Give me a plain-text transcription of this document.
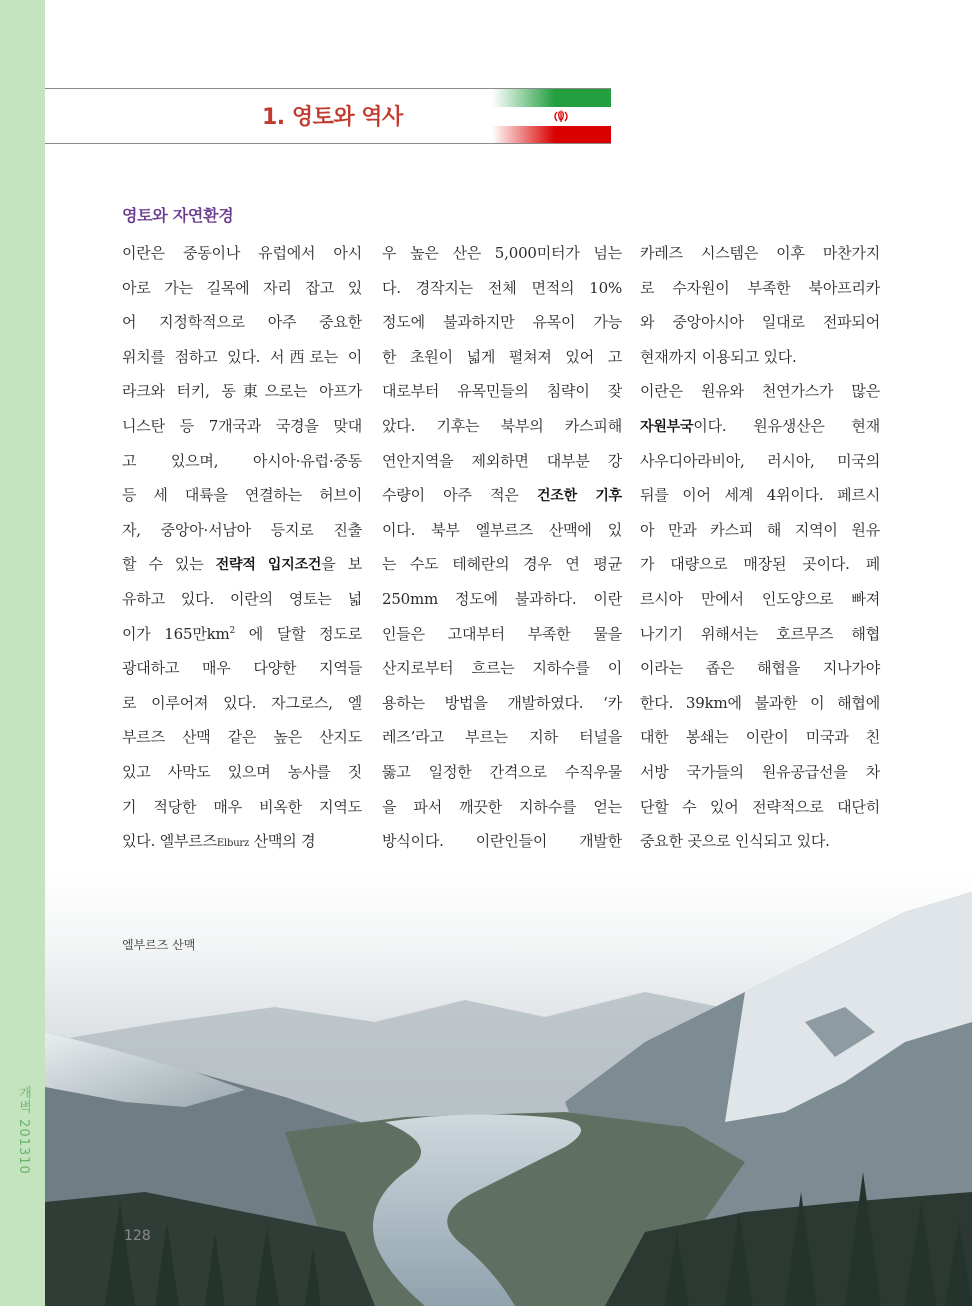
개벽 201310
1. 영토와 역사
영토와 자연환경
이란은 중동이나 유럽에서 아시
아로 가는 길목에 자리 잡고 있
어 지정학적으로 아주 중요한
위치를 점하고 있다. 서西로는 이
라크와 터키, 동東으로는 아프가
니스탄 등 7개국과 국경을 맞대
고 있으며, 아시아·유럽·중동
등 세 대륙을 연결하는 허브이
자, 중앙아·서남아 등지로 진출
할 수 있는 전략적 입지조건을 보
유하고 있다. 이란의 영토는 넓
이가 165만$km^2$ 에 달할 정도로
광대하고 매우 다양한 지역들
로 이루어져 있다. 자그로스, 엘
부르즈 산맥 같은 높은 산지도
있고 사막도 있으며 농사를 짓
기 적당한 매우 비옥한 지역도
있다. 엘부르즈Elburz 산맥의 경
우 높은 산은 5,000미터가 넘는
다. 경작지는 전체 면적의 10%
정도에 불과하지만 유목이 가능
한 초원이 넓게 펼쳐져 있어 고
대로부터 유목민들의 침략이 잦
았다. 기후는 북부의 카스피해
연안지역을 제외하면 대부분 강
수량이 아주 적은 건조한 기후
이다. 북부 엘부르즈 산맥에 있
는 수도 테헤란의 경우 연 평균
250mm 정도에 불과하다. 이란
인들은 고대부터 부족한 물을
산지로부터 흐르는 지하수를 이
용하는 방법을 개발하였다. ‘카
레즈’라고 부르는 지하 터널을
뚫고 일정한 간격으로 수직우물
을 파서 깨끗한 지하수를 얻는
방식이다. 이란인들이 개발한
카레즈 시스템은 이후 마찬가지
로 수자원이 부족한 북아프리카
와 중앙아시아 일대로 전파되어
현재까지 이용되고 있다.
이란은 원유와 천연가스가 많은
자원부국이다. 원유생산은 현재
사우디아라비아, 러시아, 미국의
뒤를 이어 세계 4위이다. 페르시
아 만과 카스피 해 지역이 원유
가 대량으로 매장된 곳이다. 페
르시아 만에서 인도양으로 빠져
나기기 위해서는 호르무즈 해협
이라는 좁은 해협을 지나가야
한다. 39km에 불과한 이 해협에
대한 봉쇄는 이란이 미국과 친
서방 국가들의 원유공급선을 차
단할 수 있어 전략적으로 대단히
중요한 곳으로 인식되고 있다.
엘부르즈 산맥
128
